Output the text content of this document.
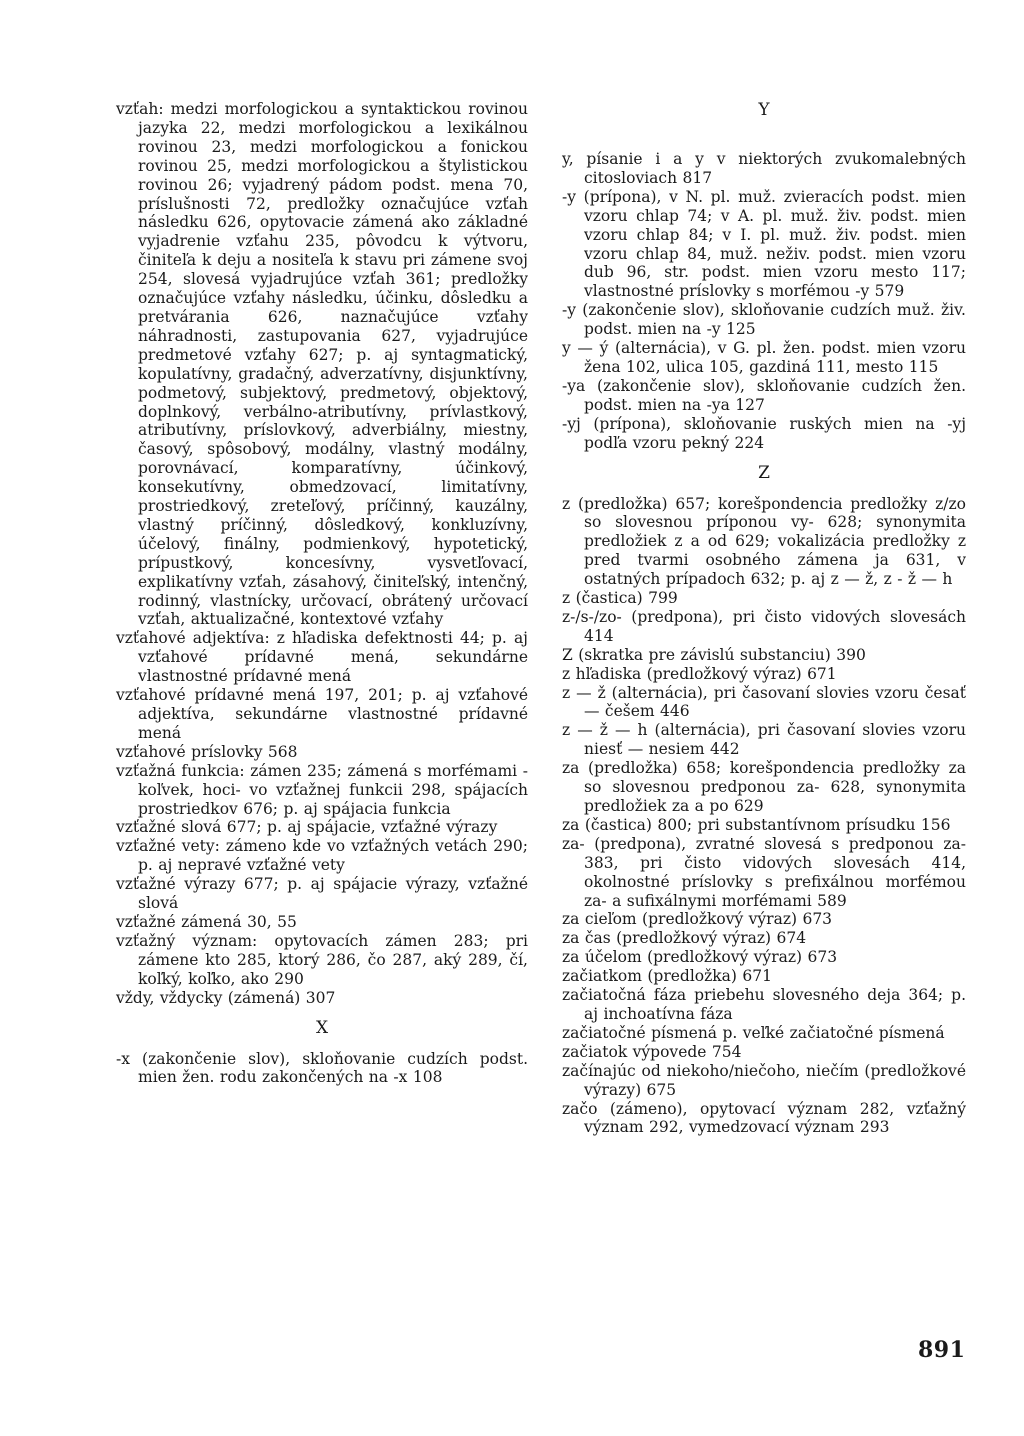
vzťah: medzi morfologickou a syntaktickou rovinou jazyka 22, medzi morfologickou a lexikálnou rovinou 23, medzi morfologickou a fonickou rovinou 25, medzi morfologickou a štylistickou rovinou 26; vyjadrený pádom podst. mena 70, príslušnosti 72, predložky označujúce vzťah následku 626, opytovacie zámená ako základné vyjadrenie vzťahu 235, pôvodcu k výtvoru, činiteľa k deju a nositeľa k stavu pri zámene svoj 254, slovesá vyjadrujúce vzťah 361; predložky označujúce vzťahy následku, účinku, dôsledku a pretvárania 626, naznačujúce vzťahy náhradnosti, zastupovania 627, vyjadrujúce predmetové vzťahy 627; p. aj syntagmatický, kopulatívny, gradačný, adverzatívny, disjunktívny, podmetový, subjektový, predmetový, objektový, doplnkový, verbálno-atributívny, prívlastkový, atributívny, príslovkový, adverbiálny, miestny, časový, spôsobový, modálny, vlastný modálny, porovnávací, komparatívny, účinkový, konsekutívny, obmedzovací, limitatívny, prostriedkový, zreteľový, príčinný, kauzálny, vlastný príčinný, dôsledkový, konkluzívny, účelový, finálny, podmienkový, hypotetický, prípustkový, koncesívny, vysvetľovací, explikatívny vzťah, zásahový, činiteľský, intenčný, rodinný, vlastnícky, určovací, obrátený určovací vzťah, aktualizačné, kontextové vzťahy

vzťahové adjektíva: z hľadiska defektnosti 44; p. aj vzťahové prídavné mená, sekundárne vlastnostné prídavné mená

vzťahové prídavné mená 197, 201; p. aj vzťahové adjektíva, sekundárne vlastnostné prídavné mená

vzťahové príslovky 568

vzťažná funkcia: zámen 235; zámená s morfémami -koľvek, hoci- vo vzťažnej funkcii 298, spájacích prostriedkov 676; p. aj spájacia funkcia

vzťažné slová 677; p. aj spájacie, vzťažné výrazy

vzťažné vety: zámeno kde vo vzťažných vetách 290; p. aj nepravé vzťažné vety

vzťažné výrazy 677; p. aj spájacie výrazy, vzťažné slová

vzťažné zámená 30, 55

vzťažný význam: opytovacích zámen 283; pri zámene kto 285, ktorý 286, čo 287, aký 289, čí, koľký, koľko, ako 290

vždy, vždycky (zámená) 307

X

-x (zakončenie slov), skloňovanie cudzích podst. mien žen. rodu zakončených na -x 108

Y

y, písanie i a y v niektorých zvukomalebných citosloviach 817

-y (prípona), v N. pl. muž. zvieracích podst. mien vzoru chlap 74; v A. pl. muž. živ. podst. mien vzoru chlap 84; v I. pl. muž. živ. podst. mien vzoru chlap 84, muž. neživ. podst. mien vzoru dub 96, str. podst. mien vzoru mesto 117; vlastnostné príslovky s morfémou -y 579

-y (zakončenie slov), skloňovanie cudzích muž. živ. podst. mien na -y 125

y — ý (alternácia), v G. pl. žen. podst. mien vzoru žena 102, ulica 105, gazdiná 111, mesto 115

-ya (zakončenie slov), skloňovanie cudzích žen. podst. mien na -ya 127

-yj (prípona), skloňovanie ruských mien na -yj podľa vzoru pekný 224

Z

z (predložka) 657; korešpondencia predložky z/zo so slovesnou príponou vy- 628; synonymita predložiek z a od 629; vokalizácia predložky z pred tvarmi osobného zámena ja 631, v ostatných prípadoch 632; p. aj z — ž, z - ž — h

z (častica) 799

z-/s-/zo- (predpona), pri čisto vidových slovesách 414

Z (skratka pre závislú substanciu) 390

z hľadiska (predložkový výraz) 671

z — ž (alternácia), pri časovaní slovies vzoru česať — češem 446

z — ž — h (alternácia), pri časovaní slovies vzoru niesť — nesiem 442

za (predložka) 658; korešpondencia predložky za so slovesnou predponou za- 628, synonymita predložiek za a po 629

za (častica) 800; pri substantívnom prísudku 156

za- (predpona), zvratné slovesá s predponou za- 383, pri čisto vidových slovesách 414, okolnostné príslovky s prefixálnou morfémou za- a sufixálnymi morfémami 589

za cieľom (predložkový výraz) 673

za čas (predložkový výraz) 674

za účelom (predložkový výraz) 673

začiatkom (predložka) 671

začiatočná fáza priebehu slovesného deja 364; p. aj inchoatívna fáza

začiatočné písmená p. veľké začiatočné písmená

začiatok výpovede 754

začínajúc od niekoho/niečoho, niečím (predložkové výrazy) 675

začo (zámeno), opytovací význam 282, vzťažný význam 292, vymedzovací význam 293

891
